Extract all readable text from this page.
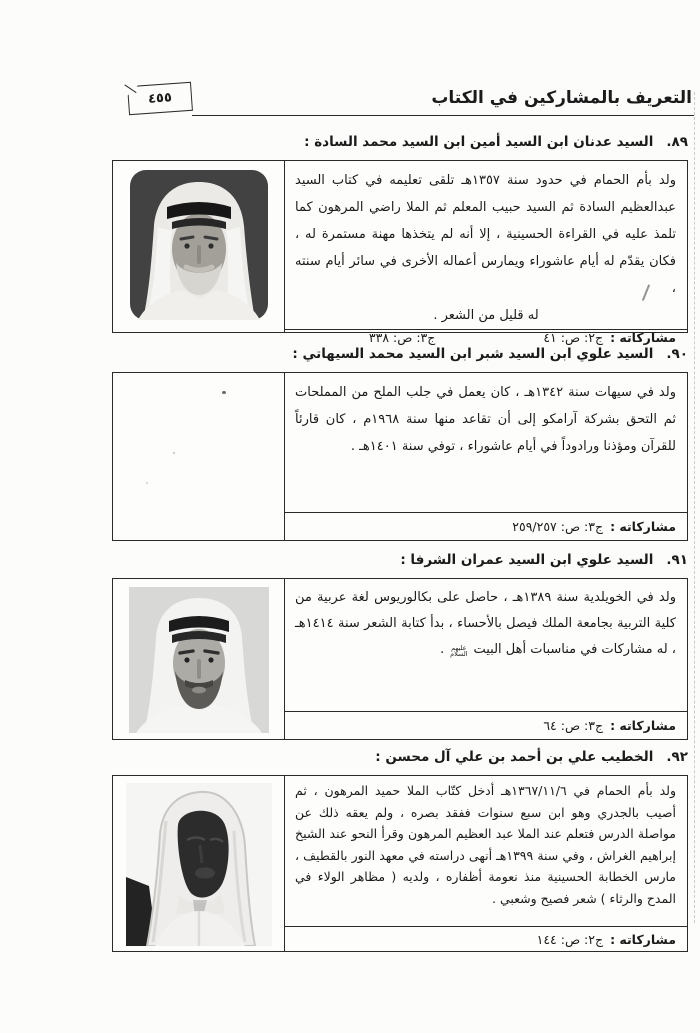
٤٥٥	التعريف بالمشاركين في الكتاب
٨٩.السيد عدنان ابن السيد أمين ابن السيد محمد السادة :

ولد بأم الحمام في حدود سنة ١٣٥٧هـ تلقى تعليمه في كتاب السيد عبدالعظيم السادة ثم السيد حبيب المعلم ثم الملا راضي المرهون كما تلمذ عليه في القراءة الحسينية ، إلا أنه لم يتخذها مهنة مستمرة له ، فكان يقدّم له أيام عاشوراء ويمارس أعماله الأخرى في سائر أيام سنته ،

له قليل من الشعر .

مشاركاته :
ج٢: ص: ٤١
ج٣: ص: ٣٣٨
٩٠.السيد علوي ابن السيد شبر ابن السيد محمد السيهاتي :

ولد في سيهات سنة ١٣٤٢هـ ، كان يعمل في جلب الملح من المملحات ثم التحق بشركة آرامكو إلى أن تقاعد منها سنة ١٩٦٨م ، كان قارئاً للقرآن ومؤذنا ورادوداً في أيام عاشوراء ، توفي سنة ١٤٠١هـ .

مشاركاته :
ج٣: ص: ٢٥٩/٢٥٧
٩١.السيد علوي ابن السيد عمران الشرفا :

ولد في الخويلدية سنة ١٣٨٩هـ ، حاصل على بكالوريوس لغة عربية من كلية التربية بجامعة الملك فيصل بالأحساء ، بدأ كتابة الشعر سنة ١٤١٤هـ ، له مشاركات في مناسبات أهل البيت عليهم السلام .

مشاركاته :
ج٣: ص: ٦٤
٩٢.الخطيب علي بن أحمد بن علي آل محسن :

ولد بأم الحمام في ١٣٦٧/١١/٦هـ أدخل كتّاب الملا حميد المرهون ، ثم أصيب بالجدري وهو ابن سبع سنوات ففقد بصره ، ولم يعقه ذلك عن مواصلة الدرس فتعلم عند الملا عبد العظيم المرهون وقرأ النحو عند الشيخ إبراهيم الغراش ، وفي سنة ١٣٩٩هـ أنهى دراسته في معهد النور بالقطيف ، مارس الخطابة الحسينية منذ نعومة أظفاره ، ولديه ( مظاهر الولاء في المدح والرثاء ) شعر فصيح وشعبي .

مشاركاته :
ج٢: ص: ١٤٤
